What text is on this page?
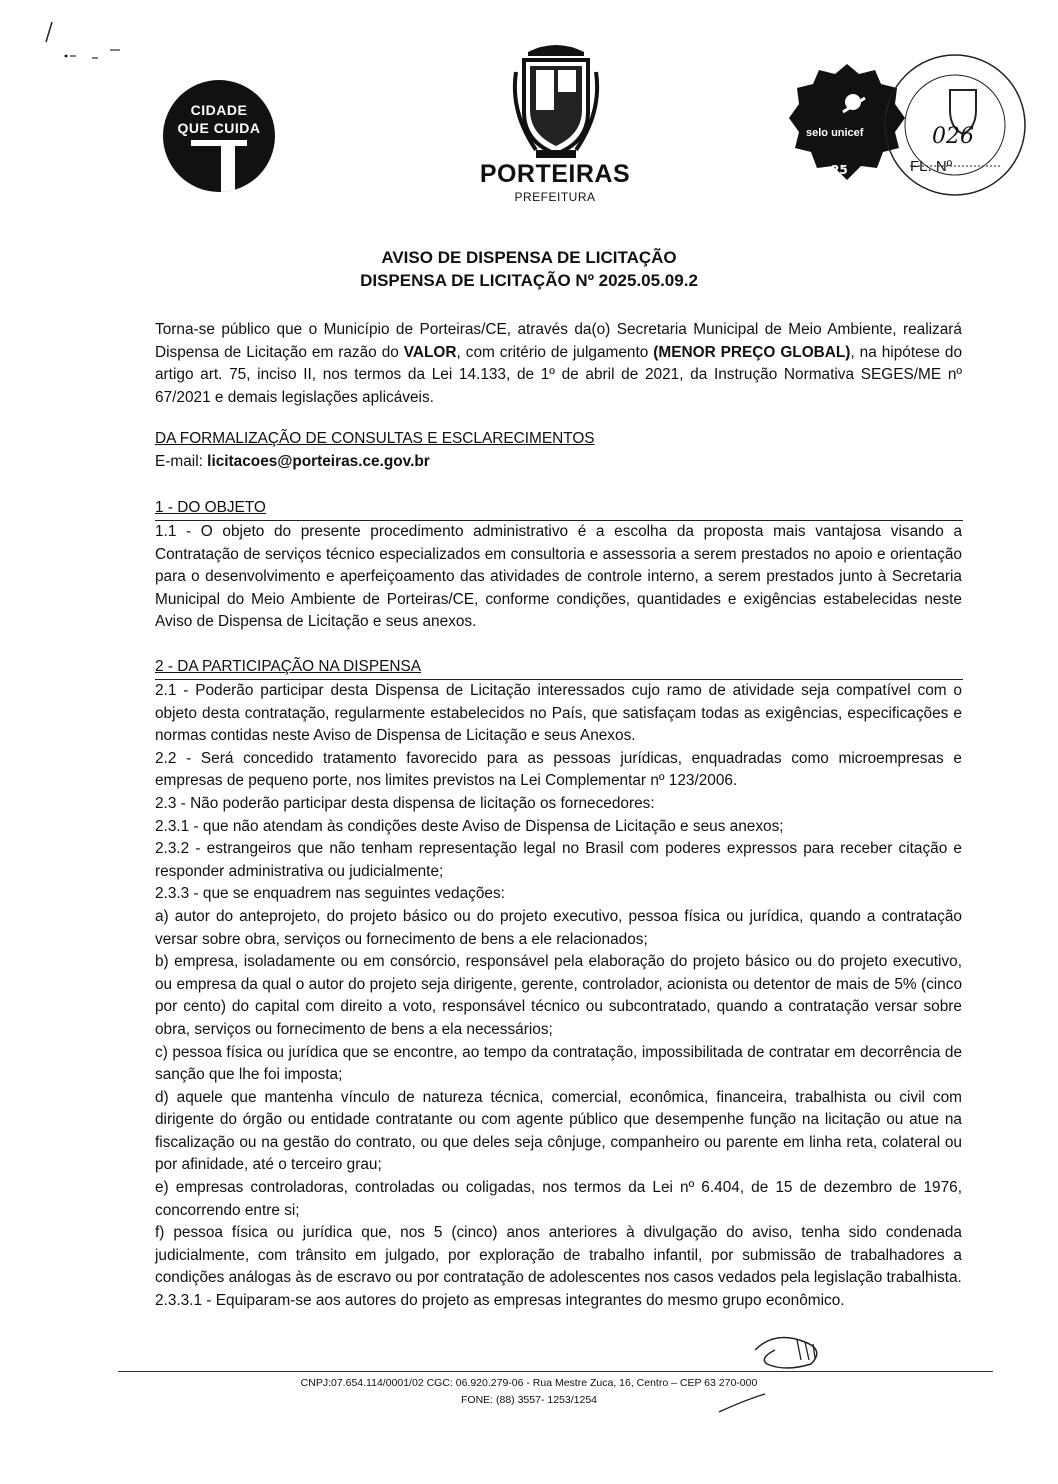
CIDADE
QUE CUIDA
PORTEIRAS
PREFEITURA
25
selo unicef	026
FL. Nº
AVISO DE DISPENSA DE LICITAÇÃO
DISPENSA DE LICITAÇÃO Nº 2025.05.09.2
Torna-se público que o Município de Porteiras/CE, através da(o) Secretaria Municipal de Meio Ambiente, realizará Dispensa de Licitação em razão do VALOR, com critério de julgamento (MENOR PREÇO GLOBAL), na hipótese do artigo art. 75, inciso II, nos termos da Lei 14.133, de 1º de abril de 2021, da Instrução Normativa SEGES/ME nº 67/2021 e demais legislações aplicáveis.
DA FORMALIZAÇÃO DE CONSULTAS E ESCLARECIMENTOS
E-mail: licitacoes@porteiras.ce.gov.br
1 - DO OBJETO
1.1 - O objeto do presente procedimento administrativo é a escolha da proposta mais vantajosa visando a Contratação de serviços técnico especializados em consultoria e assessoria a serem prestados no apoio e orientação para o desenvolvimento e aperfeiçoamento das atividades de controle interno, a serem prestados junto à Secretaria Municipal do Meio Ambiente de Porteiras/CE, conforme condições, quantidades e exigências estabelecidas neste Aviso de Dispensa de Licitação e seus anexos.
2 - DA PARTICIPAÇÃO NA DISPENSA
2.1 - Poderão participar desta Dispensa de Licitação interessados cujo ramo de atividade seja compatível com o objeto desta contratação, regularmente estabelecidos no País, que satisfaçam todas as exigências, especificações e normas contidas neste Aviso de Dispensa de Licitação e seus Anexos.
2.2 - Será concedido tratamento favorecido para as pessoas jurídicas, enquadradas como microempresas e empresas de pequeno porte, nos limites previstos na Lei Complementar nº 123/2006.
2.3 - Não poderão participar desta dispensa de licitação os fornecedores:
2.3.1 - que não atendam às condições deste Aviso de Dispensa de Licitação e seus anexos;
2.3.2 - estrangeiros que não tenham representação legal no Brasil com poderes expressos para receber citação e responder administrativa ou judicialmente;
2.3.3 - que se enquadrem nas seguintes vedações:
a) autor do anteprojeto, do projeto básico ou do projeto executivo, pessoa física ou jurídica, quando a contratação versar sobre obra, serviços ou fornecimento de bens a ele relacionados;
b) empresa, isoladamente ou em consórcio, responsável pela elaboração do projeto básico ou do projeto executivo, ou empresa da qual o autor do projeto seja dirigente, gerente, controlador, acionista ou detentor de mais de 5% (cinco por cento) do capital com direito a voto, responsável técnico ou subcontratado, quando a contratação versar sobre obra, serviços ou fornecimento de bens a ela necessários;
c) pessoa física ou jurídica que se encontre, ao tempo da contratação, impossibilitada de contratar em decorrência de sanção que lhe foi imposta;
d) aquele que mantenha vínculo de natureza técnica, comercial, econômica, financeira, trabalhista ou civil com dirigente do órgão ou entidade contratante ou com agente público que desempenhe função na licitação ou atue na fiscalização ou na gestão do contrato, ou que deles seja cônjuge, companheiro ou parente em linha reta, colateral ou por afinidade, até o terceiro grau;
e) empresas controladoras, controladas ou coligadas, nos termos da Lei nº 6.404, de 15 de dezembro de 1976, concorrendo entre si;
f) pessoa física ou jurídica que, nos 5 (cinco) anos anteriores à divulgação do aviso, tenha sido condenada judicialmente, com trânsito em julgado, por exploração de trabalho infantil, por submissão de trabalhadores a condições análogas às de escravo ou por contratação de adolescentes nos casos vedados pela legislação trabalhista.
2.3.3.1 - Equiparam-se aos autores do projeto as empresas integrantes do mesmo grupo econômico.
CNPJ:07.654.114/0001/02 CGC: 06.920.279-06 - Rua Mestre Zuca, 16, Centro – CEP 63 270-000
FONE: (88) 3557- 1253/1254
